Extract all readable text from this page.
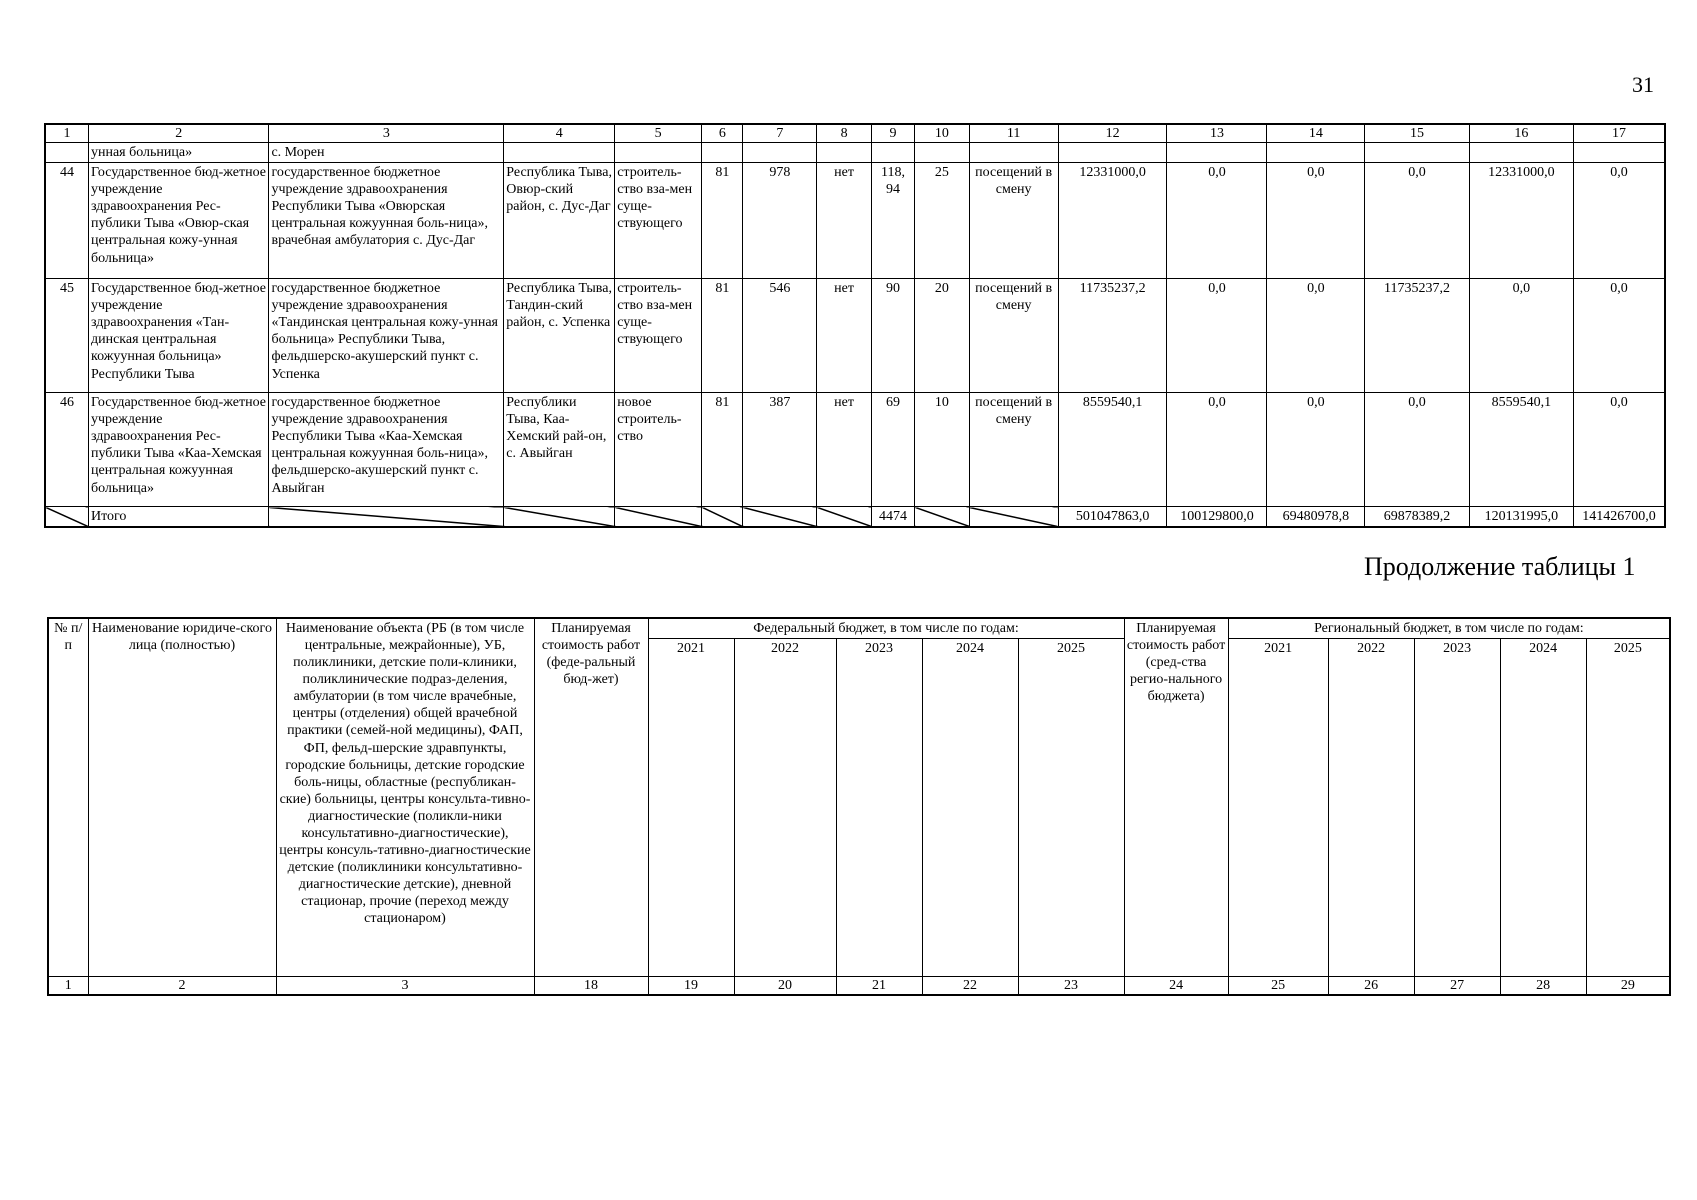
31
1	2	3	4	5	6	7	8	9	10	11	12	13	14	15	16	17
	унная больница»	с. Морен														
44	Государственное бюд-жетное учреждение здравоохранения Рес-публики Тыва «Овюр-ская центральная кожу-унная больница»	государственное бюджетное учреждение здравоохранения Республики Тыва «Овюрская центральная кожуунная боль-ница», врачебная амбулатория с. Дус-Даг	Республика Тыва, Овюр-ский район, с. Дус-Даг	строитель-ство вза-мен суще-ствующего	81	978	нет	118, 94	25	посещений в смену	12331000,0	0,0	0,0	0,0	12331000,0	0,0
45	Государственное бюд-жетное учреждение здравоохранения «Тан-динская центральная кожуунная больница» Республики Тыва	государственное бюджетное учреждение здравоохранения «Тандинская центральная кожу-унная больница» Республики Тыва, фельдшерско-акушерский пункт с. Успенка	Республика Тыва, Тандин-ский район, с. Успенка	строитель-ство вза-мен суще-ствующего	81	546	нет	90	20	посещений в смену	11735237,2	0,0	0,0	11735237,2	0,0	0,0
46	Государственное бюд-жетное учреждение здравоохранения Рес-публики Тыва «Каа-Хемская центральная кожуунная больница»	государственное бюджетное учреждение здравоохранения Республики Тыва «Каа-Хемская центральная кожуунная боль-ница», фельдшерско-акушерский пункт с. Авыйган	Республики Тыва, Каа-Хемский рай-он, с. Авыйган	новое строитель-ство	81	387	нет	69	10	посещений в смену	8559540,1	0,0	0,0	0,0	8559540,1	0,0
	Итого							4474			501047863,0	100129800,0	69480978,8	69878389,2	120131995,0	141426700,0
Продолжение таблицы 1
№ п/п	Наименование юридиче-ского лица (полностью)	Наименование объекта (РБ (в том числе центральные, межрайонные), УБ, поликлиники, детские поли-клиники, поликлинические подраз-деления, амбулатории (в том числе врачебные, центры (отделения) общей врачебной практики (семей-ной медицины), ФАП, ФП, фельд-шерские здравпункты, городские больницы, детские городские боль-ницы, областные (республикан-ские) больницы, центры консульта-тивно-диагностические (поликли-ники консультативно-диагностические), центры консуль-тативно-диагностические детские (поликлиники консультативно-диагностические детские), дневной стационар, прочие (переход между стационаром)	Планируемая стоимость работ (феде-ральный бюд-жет)	Федеральный бюджет, в том числе по годам:					Планируемая стоимость работ (сред-ства регио-нального бюджета)	Региональный бюджет, в том числе по годам:				
				2021	2022	2023	2024	2025		2021	2022	2023	2024	2025
1	2	3	18	19	20	21	22	23	24	25	26	27	28	29
